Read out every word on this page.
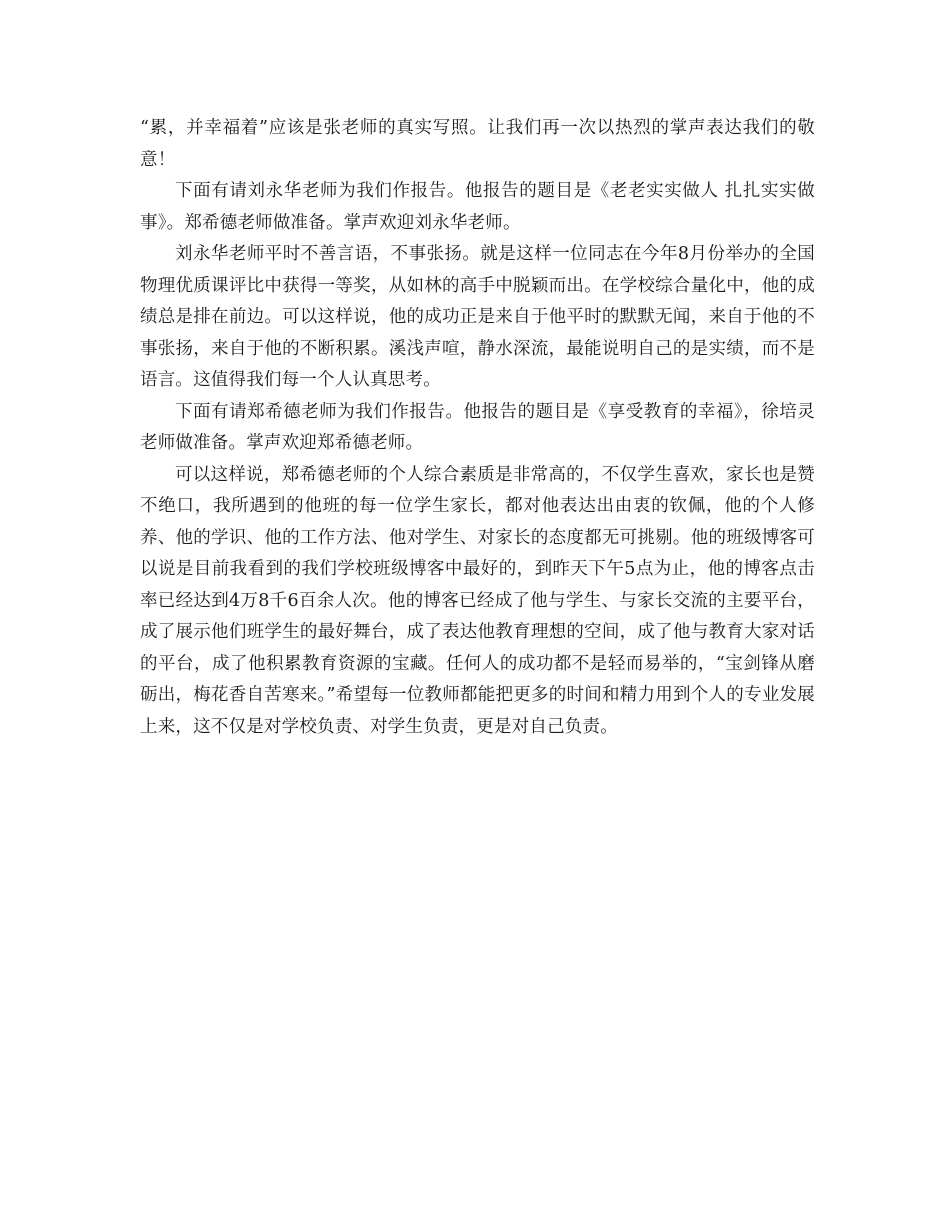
“累，并幸福着”应该是张老师的真实写照。让我们再一次以热烈的掌声表达我们的敬意！

下面有请刘永华老师为我们作报告。他报告的题目是《老老实实做人 扎扎实实做事》。郑希德老师做准备。掌声欢迎刘永华老师。

刘永华老师平时不善言语，不事张扬。就是这样一位同志在今年8月份举办的全国物理优质课评比中获得一等奖，从如林的高手中脱颖而出。在学校综合量化中，他的成绩总是排在前边。可以这样说，他的成功正是来自于他平时的默默无闻，来自于他的不事张扬，来自于他的不断积累。溪浅声喧，静水深流，最能说明自己的是实绩，而不是语言。这值得我们每一个人认真思考。

下面有请郑希德老师为我们作报告。他报告的题目是《享受教育的幸福》，徐培灵老师做准备。掌声欢迎郑希德老师。

可以这样说，郑希德老师的个人综合素质是非常高的，不仅学生喜欢，家长也是赞不绝口，我所遇到的他班的每一位学生家长，都对他表达出由衷的钦佩，他的个人修养、他的学识、他的工作方法、他对学生、对家长的态度都无可挑剔。他的班级博客可以说是目前我看到的我们学校班级博客中最好的，到昨天下午5点为止，他的博客点击率已经达到4万8千6百余人次。他的博客已经成了他与学生、与家长交流的主要平台，成了展示他们班学生的最好舞台，成了表达他教育理想的空间，成了他与教育大家对话的平台，成了他积累教育资源的宝藏。任何人的成功都不是轻而易举的，“宝剑锋从磨砺出，梅花香自苦寒来。”希望每一位教师都能把更多的时间和精力用到个人的专业发展上来，这不仅是对学校负责、对学生负责，更是对自己负责。
